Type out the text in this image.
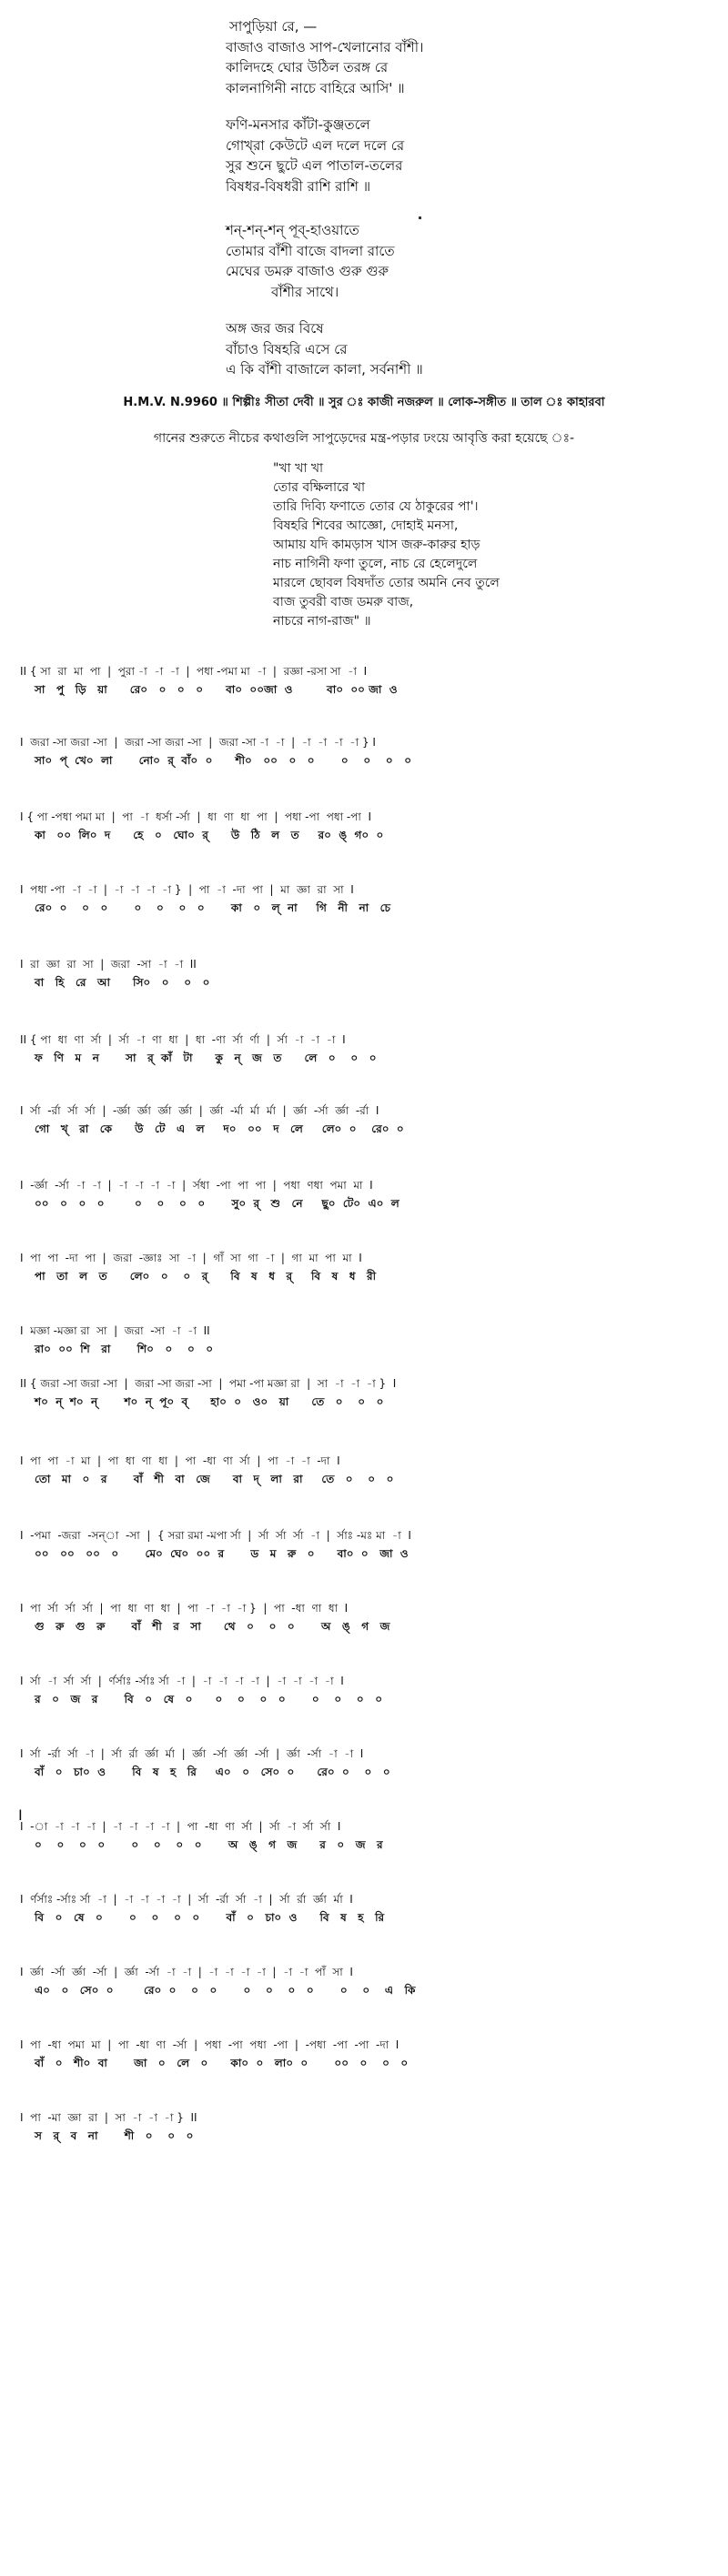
সাপুড়িয়া রে, —
বাজাও বাজাও সাপ-খেলানোর বাঁশী।
কালিদহে ঘোর উঠিল তরঙ্গ রে
কালনাগিনী নাচে বাহিরে আসি' ॥
ফণি-মনসার কাঁটা-কুঞ্জতলে
গোখ্‌রা কেউটে এল দলে দলে রে
সুর শুনে ছুটে এল পাতাল-তলের
বিষধর-বিষধরী রাশি রাশি ॥
শন্‌-শন্‌-শন্‌ পূব্‌-হাওয়াতে
তোমার বাঁশী বাজে বাদলা রাতে
মেঘের ডমরু বাজাও গুরু গুরু
বাঁশীর সাথে।
অঙ্গ জর জর বিষে
বাঁচাও বিষহরি এসে রে
এ কি বাঁশী বাজালে কালা, সর্বনাশী ॥
H.M.V. N.9960 ॥ শিল্পীঃ সীতা দেবী ॥ সুর ঃ কাজী নজরুল ॥ লোক-সঙ্গীত ॥ তাল ঃ কাহারবা
গানের শুরুতে নীচের কথাগুলি সাপুড়েদের মন্ত্র-পড়ার ঢংয়ে আবৃত্তি করা হয়েছে ঃ-
"খা খা খা
তোর বক্ষিলারে খা
তারি দিব্যি ফণাতে তোর যে ঠাকুরের পা'।
বিষহরি শিবের আজ্ঞো, দোহাই মনসা,
আমায় যদি কামড়াস খাস জরু-কারুর হাড়
নাচ নাগিনী ফণা তুলে, নাচ রে হেলেদুলে
মারলে ছোবল বিষদাঁত তোর অমনি নেব তুলে
বাজ তুবরী বাজ ডমরু বাজ,
নাচরে নাগ-রাজ" ॥
II { সা  রা  মা  পা  |  পুরা -া  -া  -া  |  পধা -পমা মা  -া  |  রজ্ঞা -রসা সা  -া  I
সা   পু   ড়ি   য়া      রে০   ০   ০   ০      বা০  ০০জা  ও         বা০  ০০ জা  ও
I  জরা -সা জরা -সা  |  জরা -সা জরা -সা  |  জরা -সা -া  -া  |  -া  -া  -া  -া } I
সা০  প্‌  খে০  লা       নো০  র্‌  বাঁ০  ০      শী০   ০০   ০   ০       ০    ০    ০   ০
I { পা -পধা পমা মা  |  পা  -া  ধর্সা -র্সা  |  ধা  ণা  ধা  পা  |  পধা -পা  পধা -পা  I
কা   ০০  লি০  দ      হে   ০   ঘো০  র্‌      উ   ঠি   ল   ত     র০  ঙ্‌  গ০  ০
I  পধা -পা  -া  -া  |  -া  -া  -া  -া }  |  পা  -া  -দা  পা  |  মা  জ্ঞা  রা  সা  I
রে০  ০    ০   ০       ০    ০    ০   ০       কা   ০   ল্‌  না     গি   নী   না   চে
I  রা  জ্ঞা  রা  সা  |  জরা  -সা  -া  -া  II
বা   হি   রে   আ      সি০   ০    ০   ০
II { পা  ধা  ণা  র্সা  |  র্সা  -া  ণা  ধা  |  ধা  -ণা  র্সা  র্ণা  |  র্সা  -া  -া  -া  I
ফ   ণি   ম   ন       সা   র্‌  কাঁ   টা      কু   ন্‌   জ   ত      লে   ০    ০   ০
I  র্সা  -র্রা  র্সা  র্সা  |  -র্জ্ঞা  র্জ্ঞা  র্জ্ঞা  র্জ্ঞা  |  র্জ্ঞা  -র্মা  র্মা  র্মা  |  র্জ্ঞা  -র্সা  র্জ্ঞা  -র্রা  I
গো   খ্‌   রা   কে      উ   টে   এ   ল     দ০   ০০   দ   লে     লে০  ০    রে০  ০
I  -র্জ্ঞা  -র্সা  -া  -া  |  -া  -া  -া  -া  |  র্সধা  -পা  পা  পা  |  পধা  ণধা  পমা  মা  I
০০   ০   ০   ০        ০    ০    ০   ০       সু০  র্‌   শু   নে     ছু০  টে০  এ০  ল
I  পা  পা  -দা  পা  |  জরা  -জ্ঞাঃ  সা  -া  |  গাঁ  সা  গা  -া  |  গা  মা  পা  মা  I
পা   তা   ল   ত      লে০   ০    ০   র্‌      বি   ষ   ধ   র্‌     বি   ষ   ধ   রী
I  মজ্ঞা -মজ্ঞা রা  সা  |  জরা  -সা  -া  -া  II
রা০  ০০  শি   রা       শি০   ০    ০   ০
II { জরা -সা জরা -সা  |  জরা -সা জরা -সা  |  পমা -পা মজ্ঞা রা  |  সা  -া  -া  -া }  I
শ০  ন্‌  শ০  ন্‌       শ০  ন্‌  পূ০  ব্‌      হা০  ০   ও০   য়া      তে   ০    ০   ০
I  পা  পা  -া  মা  |  পা  ধা  ণা  ধা  |  পা  -ধা  ণা  র্সা  |  পা  -া  -া  -দা  I
তো   মা   ০   র       বাঁ   শী   বা   জে      বা   দ্‌   লা   রা     তে   ০    ০   ০
I  -পমা  -জরা  -সন্‌া  -সা  |  { সরা রমা -মপা র্সা  |  র্সা  র্সা  র্সা  -া  |  র্সাঃ -মঃ মা  -া  I
০০   ০০   ০০   ০       মে০  ঘে০  ০০  র       ড   ম   রু   ০      বা০  ০   জা  ও
I  পা  র্সা  র্সা  র্সা  |  পা  ধা  ণা  ধা  |  পা  -া  -া  -া }  |  পা  -ধা  ণা  ধা  I
গু   রু   গু   রু       বাঁ   শী   র   সা      থে   ০    ০   ০       অ   ঙ্‌   গ   জ
I  র্সা  -া  র্সা  র্সা  |  র্ণর্সাঃ -র্সাঃ র্সা  -া  |  -া  -া  -া  -া  |  -া  -া  -া  -া  I
র   ০   জ   র       বি   ০   ষে   ০      ০    ০    ০   ০       ০    ০    ০   ০
I  র্সা  -র্রা  র্সা  -া  |  র্সা  র্রা  র্জ্ঞা  র্মা  |  র্জ্ঞা  -র্সা  র্জ্ঞা  -র্সা  |  র্জ্ঞা  -র্সা  -া  -া  I
বাঁ   ০   চা০  ও       বি   ষ   হ   রি     এ০   ০   সে০  ০      রে০  ০    ০   ০
I  -া  -া  -া  -া  |  -া  -া  -া  -া  |  পা  -ধা  ণা  র্সা  |  র্সা  -া  র্সা  র্সা  I
০    ০    ০   ০       ০    ০    ০   ০       অ   ঙ্‌   গ   জ      র   ০   জ   র
I  র্ণর্সাঃ -র্সাঃ র্সা  -া  |  -া  -া  -া  -া  |  র্সা  -র্রা  র্সা  -া  |  র্সা  র্রা  র্জ্ঞা  র্মা  I
বি   ০   ষে   ০       ০    ০    ০   ০       বাঁ   ০   চা০  ও      বি   ষ   হ   রি
I  র্জ্ঞা  -র্সা  র্জ্ঞা  -র্সা  |  র্জ্ঞা  -র্সা  -া  -া  |  -া  -া  -া  -া  |  -া  -া  পাঁ  সা  I
এ০   ০   সে০  ০        রে০  ০    ০   ০       ০    ০    ০   ০       ০    ০    এ   কি
I  পা  -ধা  পমা  মা  |  পা  -ধা  ণা  -র্সা  |  পধা  -পা  পধা  -পা  |  -পধা  -পা  -পা  -দা  I
বাঁ   ০   শী০  বা       জা   ০   লে   ০      কা০  ০   লা০  ০       ০০   ০    ০   ০
I  পা  -মা  জ্ঞা  রা  |  সা  -া  -া  -া }  II
স   র্‌   ব   না       শী   ০    ০   ০
I
